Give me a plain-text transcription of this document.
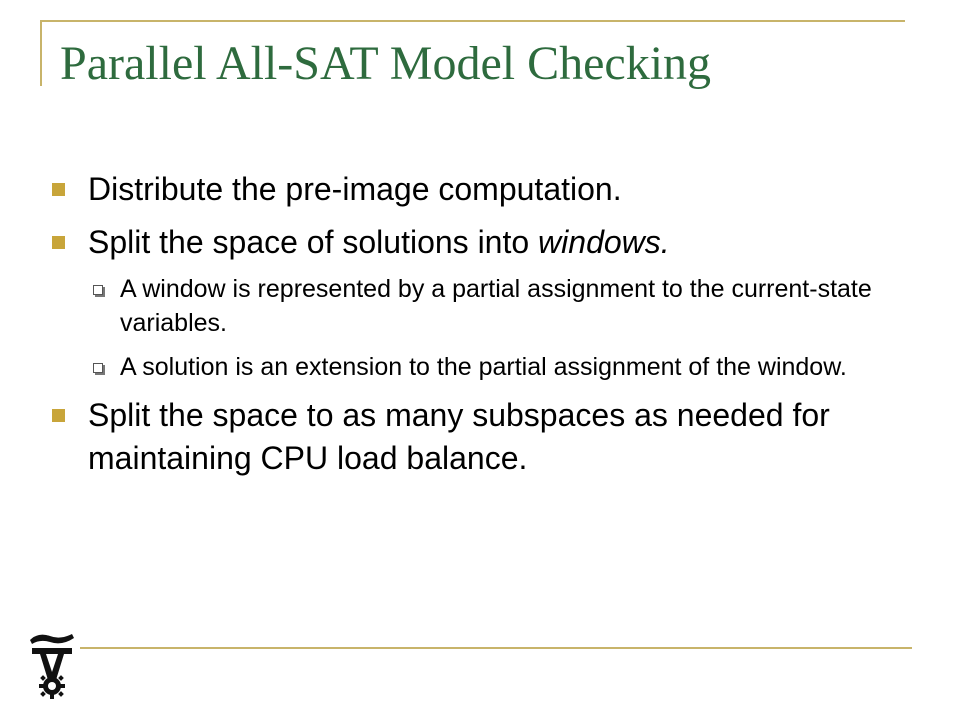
Parallel All-SAT Model Checking
Distribute the pre-image computation.
Split the space of solutions into windows.
A window is represented by a partial assignment to the current-state variables.
A solution is an extension to the partial assignment of the window.
Split the space to as many subspaces as needed for maintaining CPU load balance.
